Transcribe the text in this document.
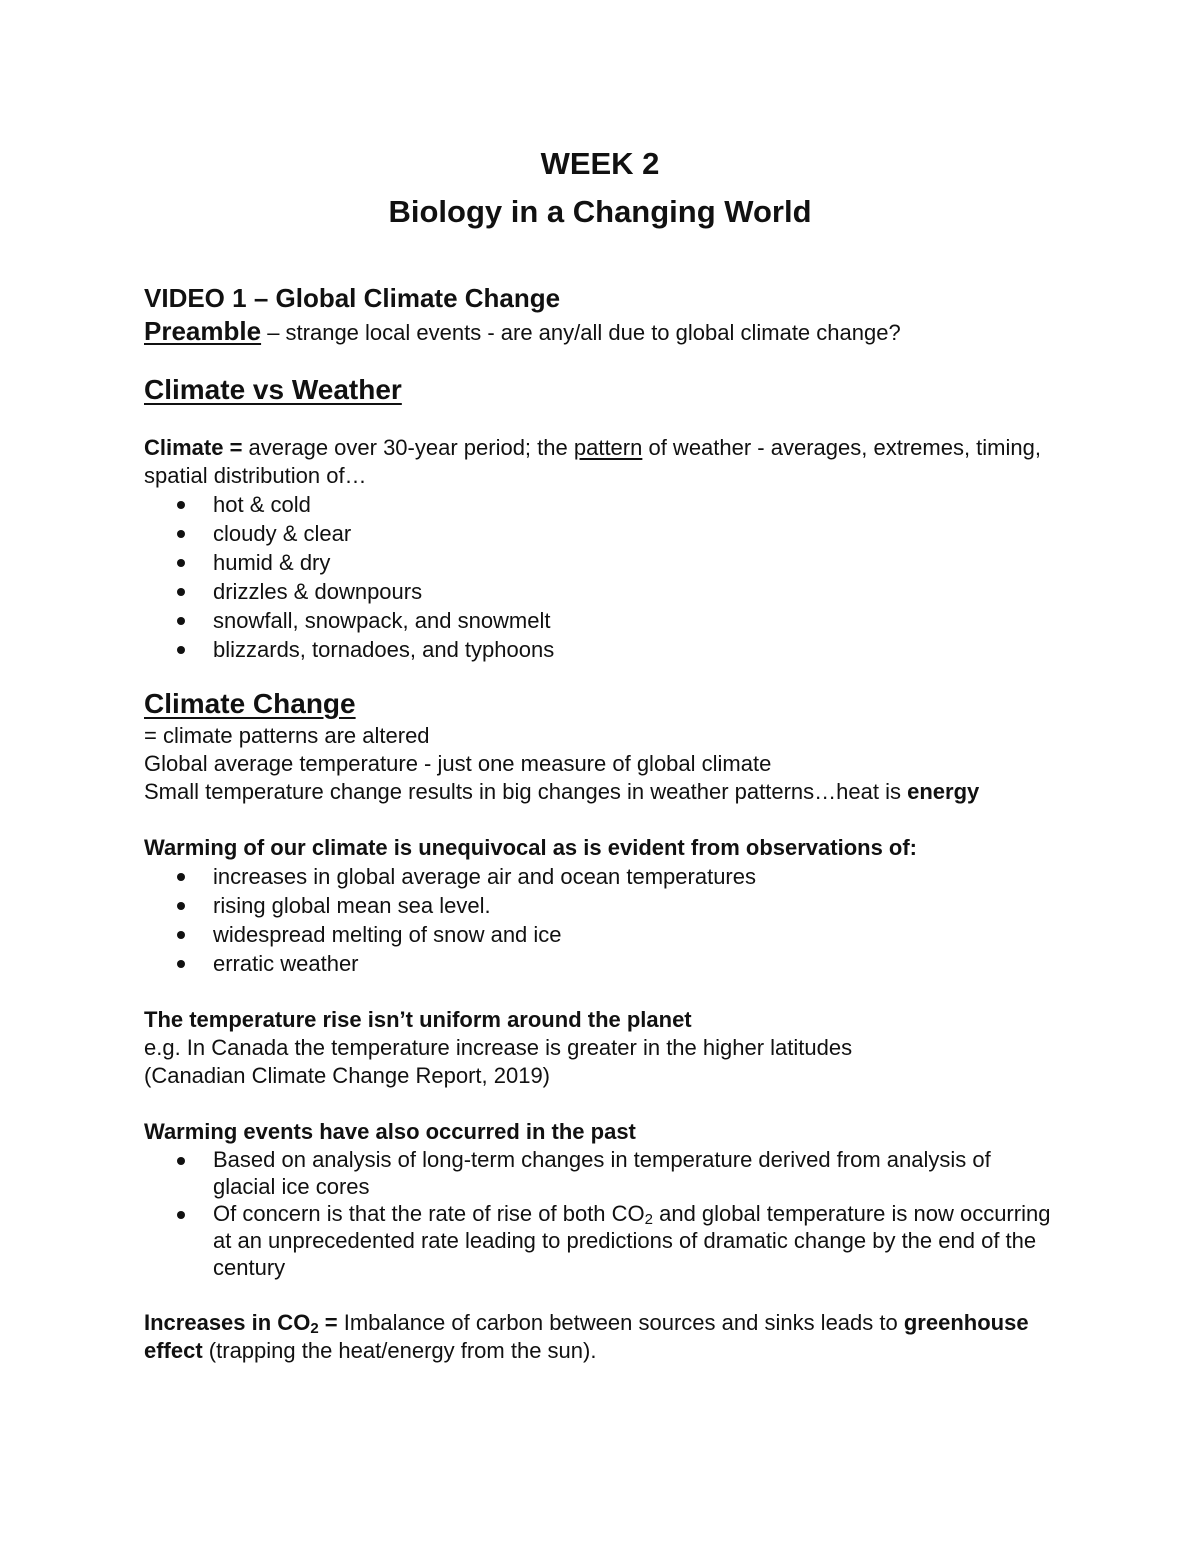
WEEK 2
Biology in a Changing World
VIDEO 1 – Global Climate Change
Preamble – strange local events - are any/all due to global climate change?
Climate vs Weather

Climate = average over 30-year period; the pattern of weather - averages, extremes, timing, spatial distribution of…

hot & cold
cloudy & clear
humid & dry
drizzles & downpours
snowfall, snowpack, and snowmelt
blizzards, tornadoes, and typhoons
Climate Change

= climate patterns are altered

Global average temperature - just one measure of global climate

Small temperature change results in big changes in weather patterns…heat is energy

Warming of our climate is unequivocal as is evident from observations of:

increases in global average air and ocean temperatures
rising global mean sea level.
widespread melting of snow and ice
erratic weather

The temperature rise isn’t uniform around the planet

e.g. In Canada the temperature increase is greater in the higher latitudes

(Canadian Climate Change Report, 2019)

Warming events have also occurred in the past

Based on analysis of long-term changes in temperature derived from analysis of glacial ice cores
Of concern is that the rate of rise of both $CO_2$ and global temperature is now occurring at an unprecedented rate leading to predictions of dramatic change by the end of the century

Increases in $CO_2$ = Imbalance of carbon between sources and sinks leads to greenhouse effect (trapping the heat/energy from the sun).
